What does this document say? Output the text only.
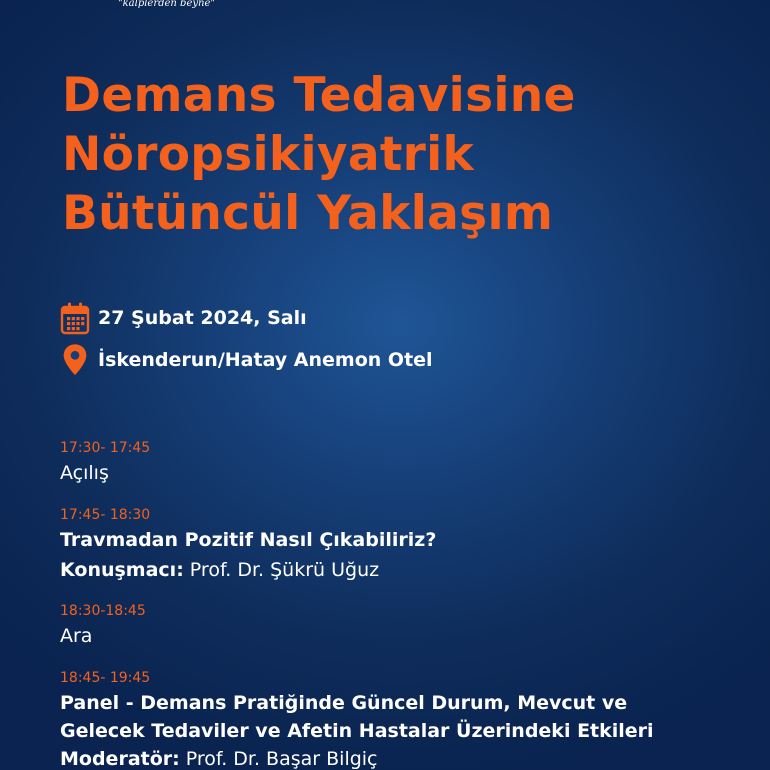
"kalplerden beyne"
Demans Tedavisine
Nöropsikiyatrik
Bütüncül Yaklaşım
27 Şubat 2024, Salı
İskenderun/Hatay Anemon Otel
17:30- 17:45
Açılış
17:45- 18:30
Travmadan Pozitif Nasıl Çıkabiliriz?
Konuşmacı: Prof. Dr. Şükrü Uğuz
18:30-18:45
Ara
18:45- 19:45
Panel - Demans Pratiğinde Güncel Durum, Mevcut ve
Gelecek Tedaviler ve Afetin Hastalar Üzerindeki Etkileri
Moderatör: Prof. Dr. Başar Bilgiç
